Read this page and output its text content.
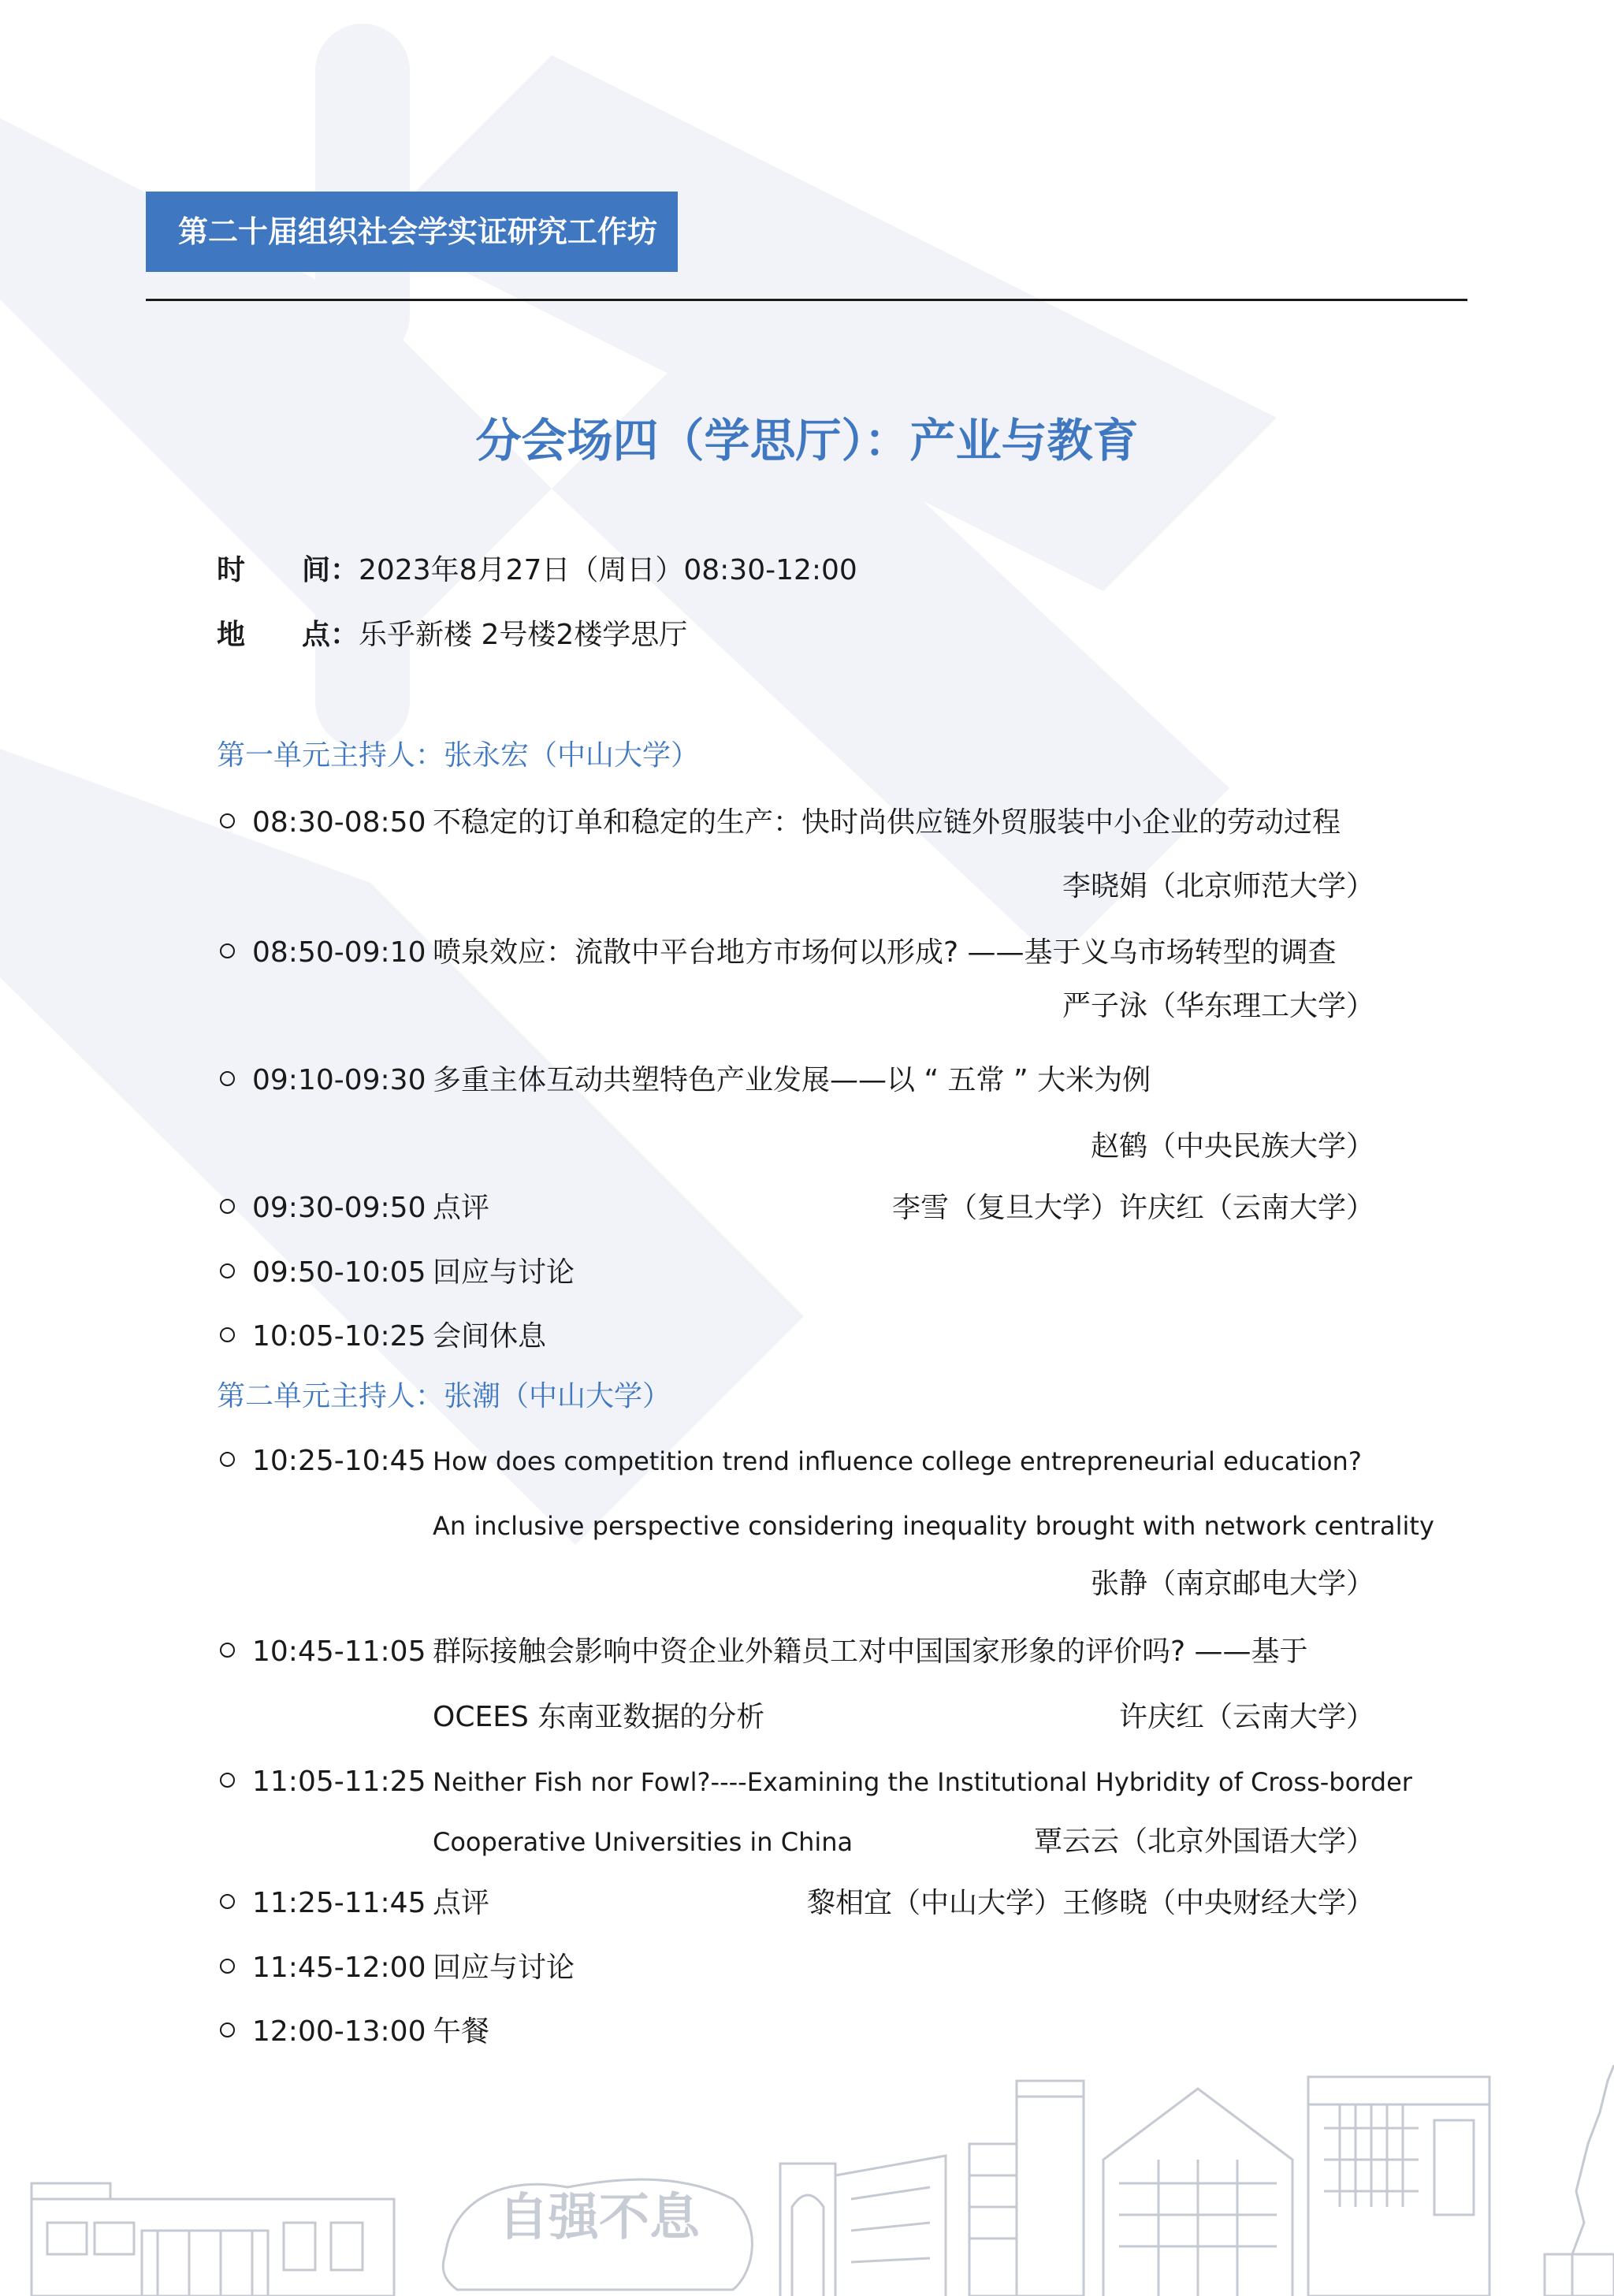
自强不息
第二十届组织社会学实证研究工作坊
分会场四（学思厅）：产业与教育
时　　间：2023年8月27日（周日）08:30-12:00
地　　点：乐乎新楼 2号楼2楼学思厅
第一单元主持人：张永宏（中山大学）
08:30-08:50 不稳定的订单和稳定的生产：快时尚供应链外贸服装中小企业的劳动过程
李晓娟（北京师范大学）
08:50-09:10 喷泉效应：流散中平台地方市场何以形成? ——基于义乌市场转型的调查
严子泳（华东理工大学）
09:10-09:30 多重主体互动共塑特色产业发展——以 “ 五常 ” 大米为例
赵鹤（中央民族大学）
09:30-09:50 点评	李雪（复旦大学）许庆红（云南大学）
09:50-10:05 回应与讨论
10:05-10:25 会间休息
第二单元主持人：张潮（中山大学）
10:25-10:45 How does competition trend influence college entrepreneurial education?
An inclusive perspective considering inequality brought with network centrality
张静（南京邮电大学）
10:45-11:05 群际接触会影响中资企业外籍员工对中国国家形象的评价吗? ——基于
OCEES 东南亚数据的分析	许庆红（云南大学）
11:05-11:25 Neither Fish nor Fowl?----Examining the Institutional Hybridity of Cross-border
Cooperative Universities in China	覃云云（北京外国语大学）
11:25-11:45 点评	黎相宜（中山大学）王修晓（中央财经大学）
11:45-12:00 回应与讨论
12:00-13:00 午餐
